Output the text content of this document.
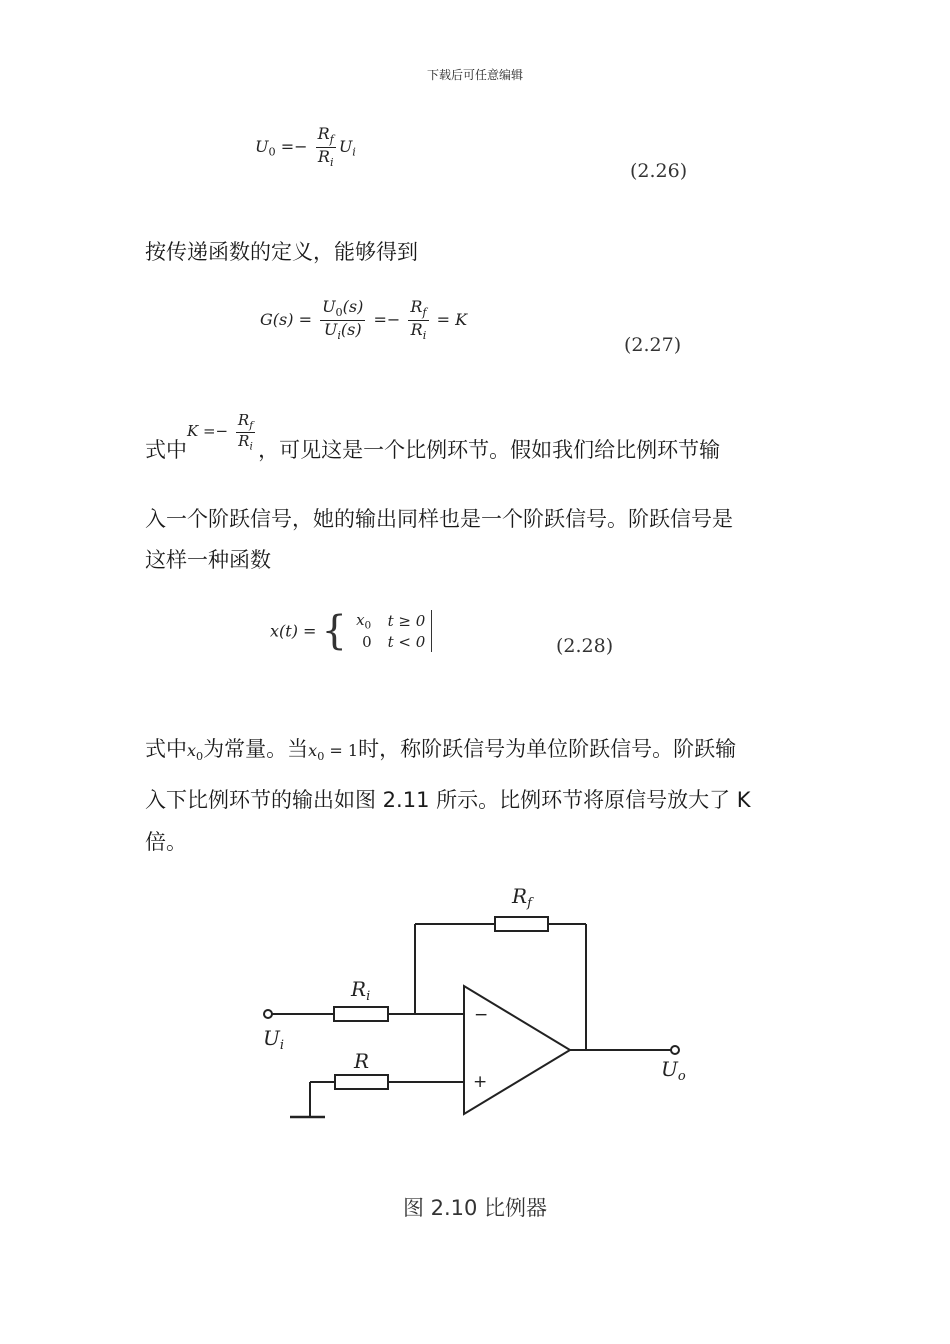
下载后可任意编辑
$U_0 =- \frac{R_f}{R_i} U_i$
(2.26)
按传递函数的定义，能够得到
$G(s) = \frac{U_0(s)}{U_i(s)} =- \frac{R_f}{R_i} = K$
(2.27)
式中$K =- \frac{R_f}{R_i}$ ，可见这是一个比例环节。假如我们给比例环节输
入一个阶跃信号，她的输出同样也是一个阶跃信号。阶跃信号是
这样一种函数
x(t) = { $x_0$	t ≥ 0
0	t < 0	(2.28)
式中$x_0$为常量。当$x_0 = 1$时，称阶跃信号为单位阶跃信号。阶跃输
入下比例环节的输出如图 2.11 所示。比例环节将原信号放大了 K
倍。
$R_f$
$R_i$
R
$U_i$
$U_o$
−
+
图 2.10 比例器
